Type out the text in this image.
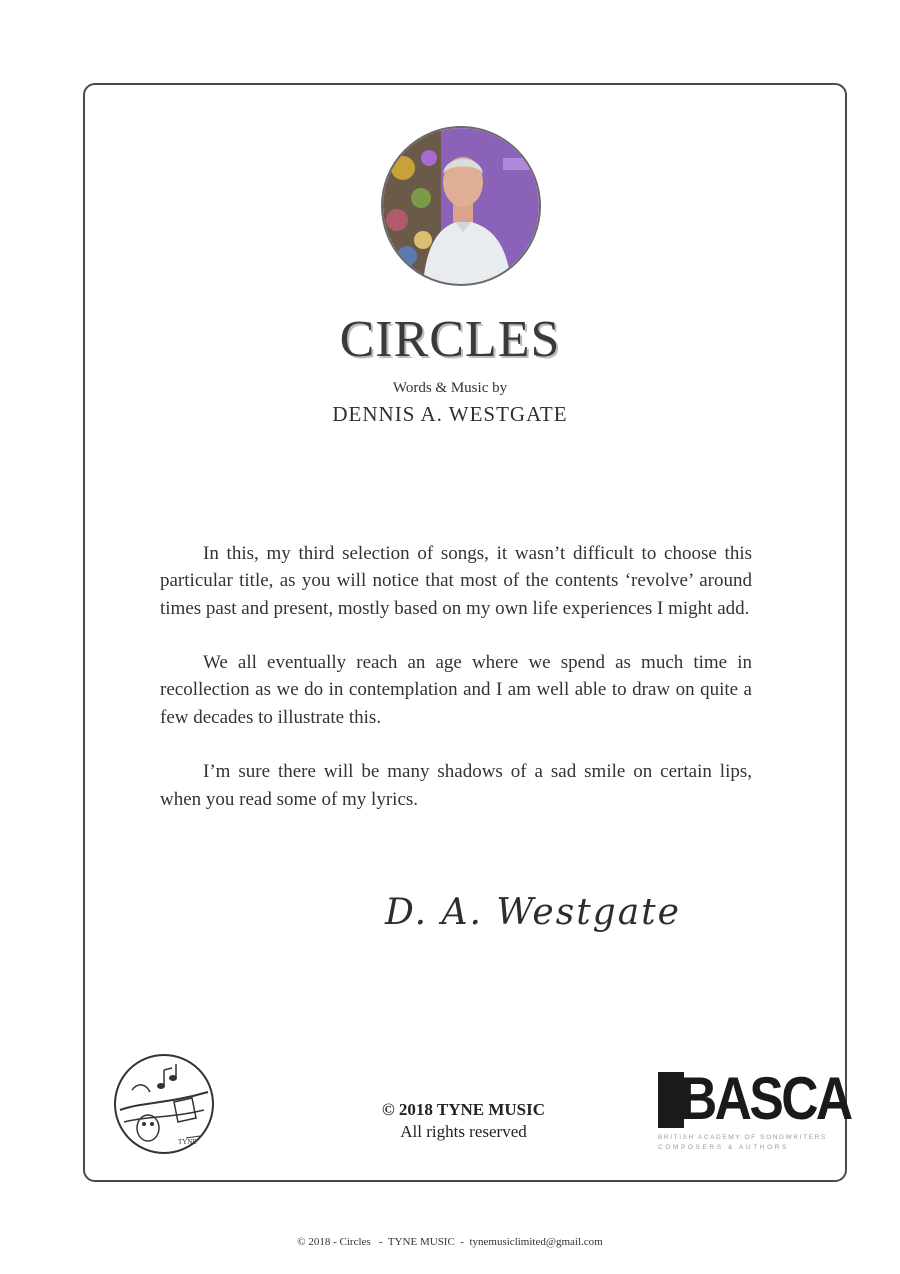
CIRCLES
Words & Music by
DENNIS A. WESTGATE

In this, my third selection of songs, it wasn’t difficult to choose this particular title, as you will notice that most of the contents ‘revolve’ around times past and present, mostly based on my own life experiences I might add.

We all eventually reach an age where we spend as much time in recollection as we do in contemplation and I am well able to draw on quite a few decades to illustrate this.

I’m sure there will be many shadows of a sad smile on certain lips, when you read some of my lyrics.

D. A. Westgate
TYNE
© 2018 TYNE MUSIC
All rights reserved	BASCA
BRITISH ACADEMY OF SONGWRITERS
COMPOSERS & AUTHORS
© 2018 - Circles   -  TYNE MUSIC  -  tynemusiclimited@gmail.com
